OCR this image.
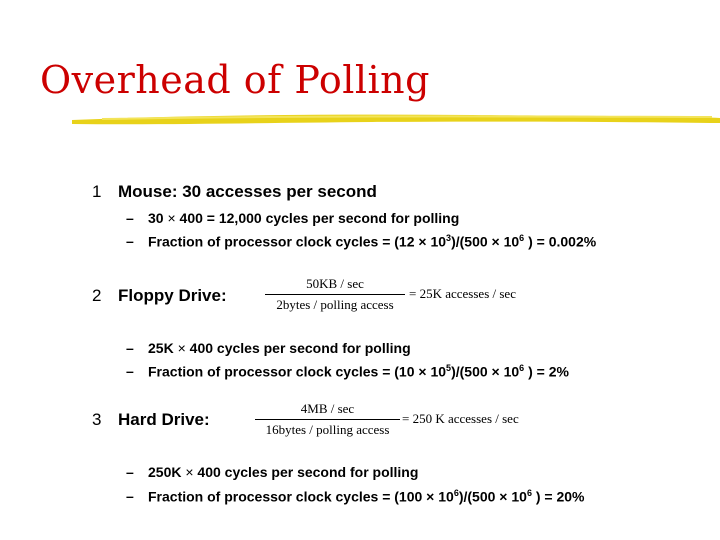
Overhead of Polling
1 Mouse: 30 accesses per second
– 30 × 400 = 12,000 cycles per second for polling
– Fraction of processor clock cycles = $(12 \times 10^3)/(500 \times 10^6$ ) = 0.002%
2 Floppy Drive:
50KB / sec
2bytes / polling access
= 25K accesses / sec
– 25K × 400 cycles per second for polling
– Fraction of processor clock cycles = $(10 \times 10^5)/(500 \times 10^6$ ) = 2%
3 Hard Drive:
4MB / sec
16bytes / polling access
= 250 K accesses / sec
– 250K × 400 cycles per second for polling
– Fraction of processor clock cycles = $(100 \times 10^6)/(500 \times 10^6$ ) = 20%
